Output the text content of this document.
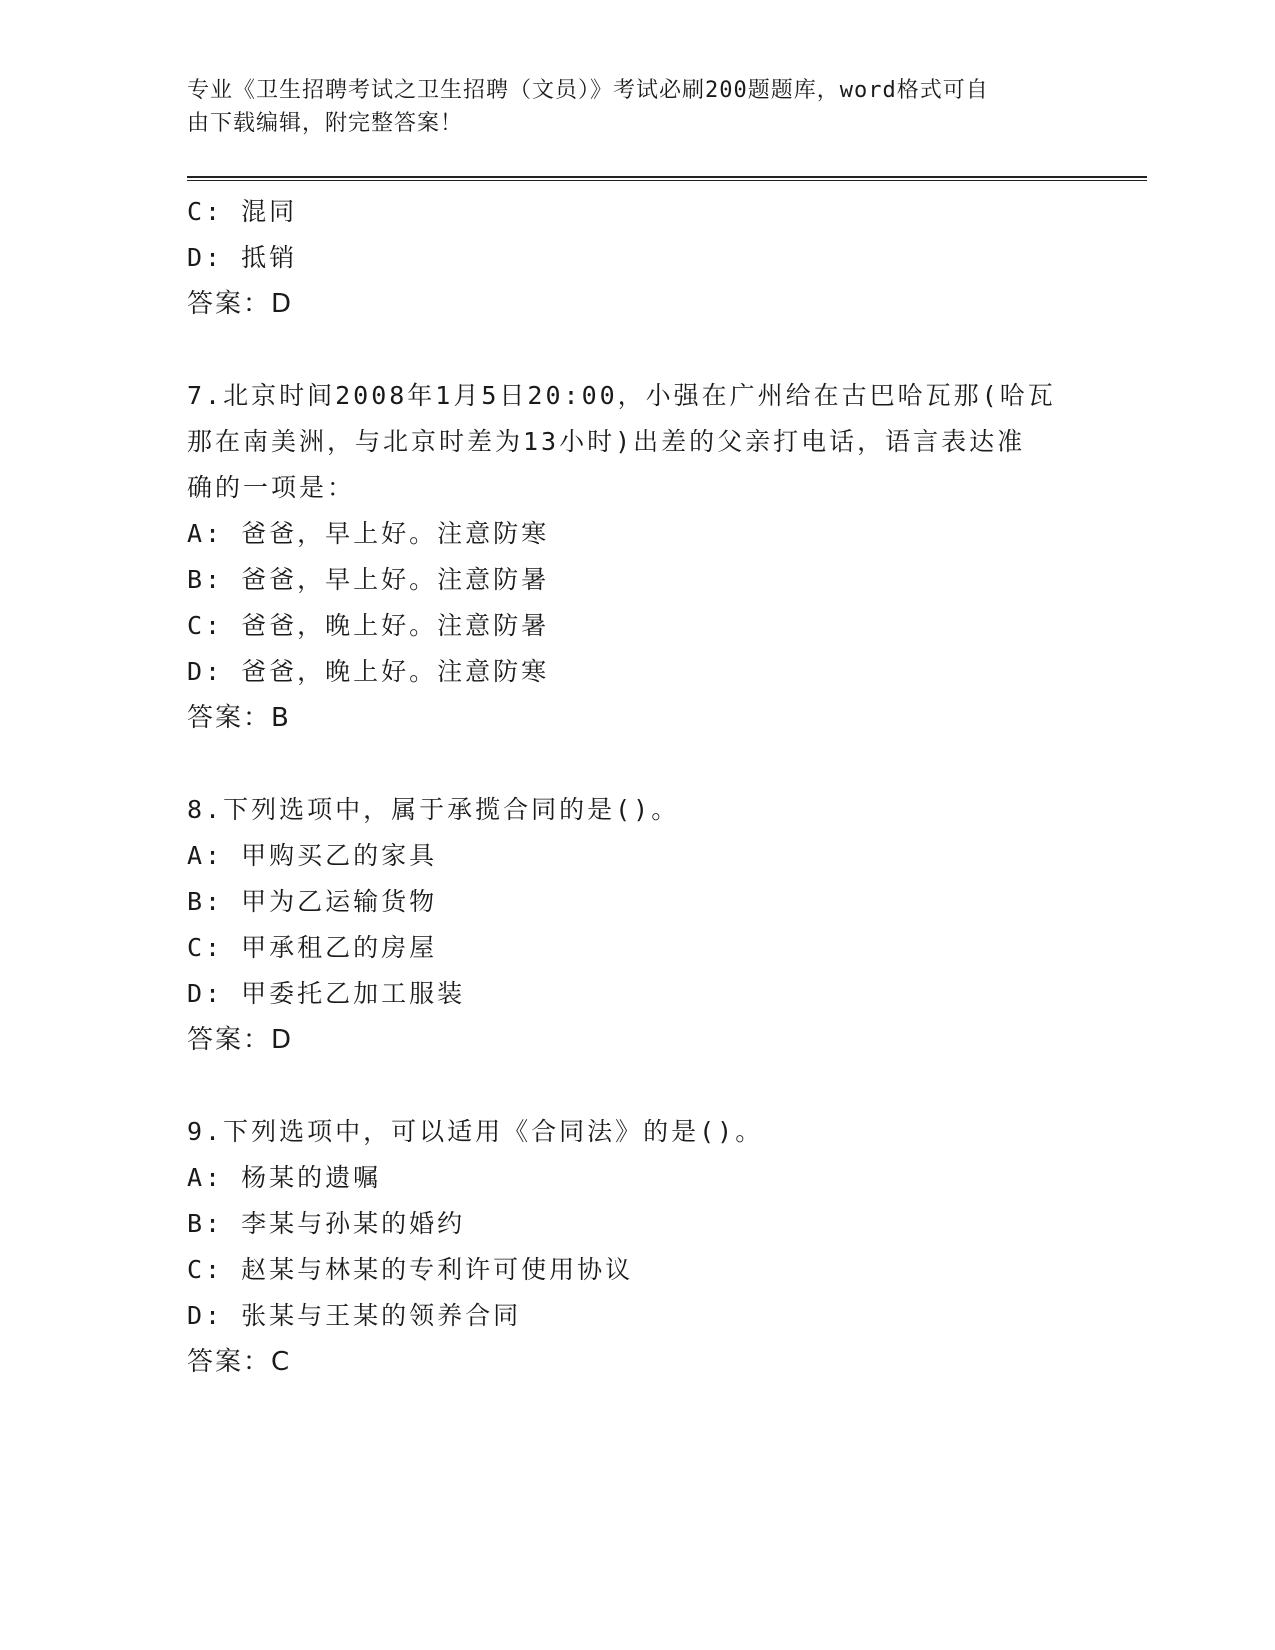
专业《卫生招聘考试之卫生招聘（文员）》考试必刷200题题库，word格式可自
由下载编辑，附完整答案！
C: 混同
D: 抵销
答案：D
7.北京时间2008年1月5日20:00，小强在广州给在古巴哈瓦那(哈瓦
那在南美洲，与北京时差为13小时)出差的父亲打电话，语言表达准
确的一项是：
A: 爸爸，早上好。注意防寒
B: 爸爸，早上好。注意防暑
C: 爸爸，晚上好。注意防暑
D: 爸爸，晚上好。注意防寒
答案：B
8.下列选项中，属于承揽合同的是()。
A: 甲购买乙的家具
B: 甲为乙运输货物
C: 甲承租乙的房屋
D: 甲委托乙加工服装
答案：D
9.下列选项中，可以适用《合同法》的是()。
A: 杨某的遗嘱
B: 李某与孙某的婚约
C: 赵某与林某的专利许可使用协议
D: 张某与王某的领养合同
答案：C
